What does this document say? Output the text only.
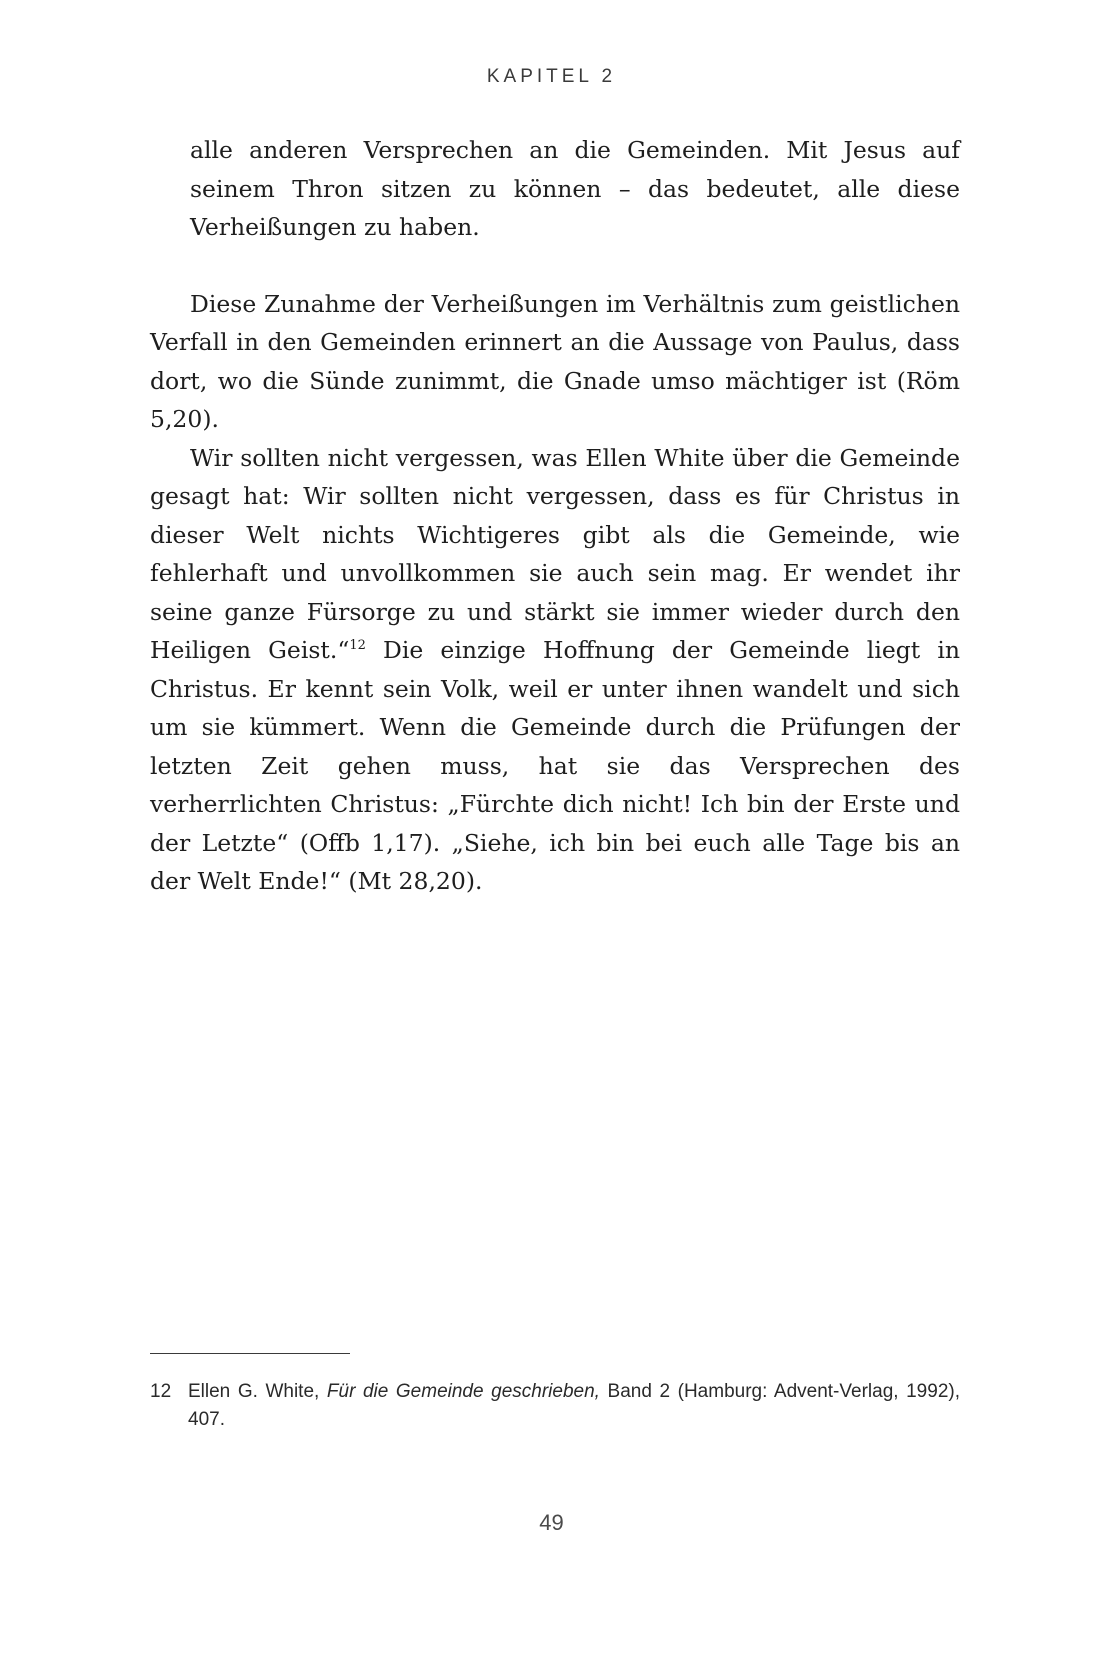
KAPITEL 2

alle anderen Versprechen an die Gemeinden. Mit Jesus auf seinem Thron sitzen zu können – das bedeutet, alle diese Verheißungen zu haben.

Diese Zunahme der Verheißungen im Verhältnis zum geistlichen Verfall in den Gemeinden erinnert an die Aussage von Paulus, dass dort, wo die Sünde zunimmt, die Gnade umso mächtiger ist (Röm 5,20).

Wir sollten nicht vergessen, was Ellen White über die Gemeinde gesagt hat: Wir sollten nicht vergessen, dass es für Christus in dieser Welt nichts Wichtigeres gibt als die Gemeinde, wie fehlerhaft und unvollkommen sie auch sein mag. Er wendet ihr seine ganze Fürsorge zu und stärkt sie immer wieder durch den Heiligen Geist.“$^{12}$ Die einzige Hoffnung der Gemeinde liegt in Christus. Er kennt sein Volk, weil er unter ihnen wandelt und sich um sie kümmert. Wenn die Gemeinde durch die Prüfungen der letzten Zeit gehen muss, hat sie das Versprechen des verherrlichten Christus: „Fürchte dich nicht! Ich bin der Erste und der Letzte“ (Offb 1,17). „Siehe, ich bin bei euch alle Tage bis an der Welt Ende!“ (Mt 28,20).

12 Ellen G. White, Für die Gemeinde geschrieben, Band 2 (Hamburg: Advent-Verlag, 1992), 407.
49
